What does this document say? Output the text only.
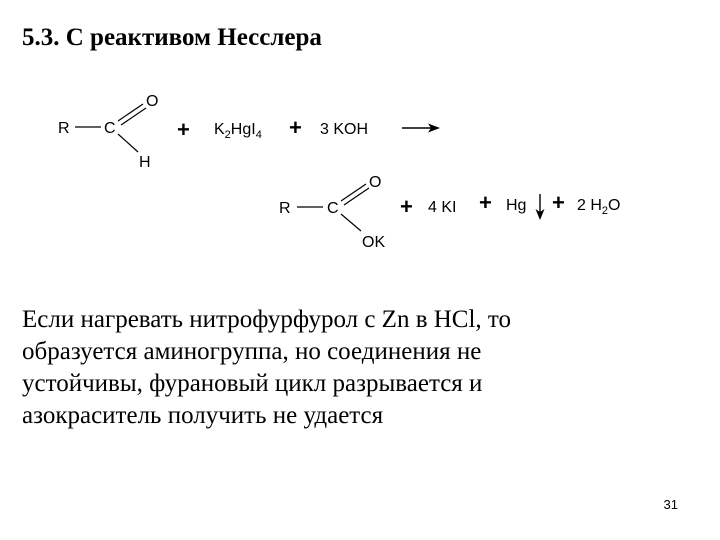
5.3. С реактивом Несслера
R C
O
H
+ $K_2HgI_4 + 3$ KOH
R C
O
OK
+ 4 KI + Hg + 2 $H_2O$
Если нагревать нитрофурфурол с Zn в HCl, то
образуется аминогруппа, но соединения не
устойчивы, фурановый цикл разрывается и
азокраситель получить не удается
31
